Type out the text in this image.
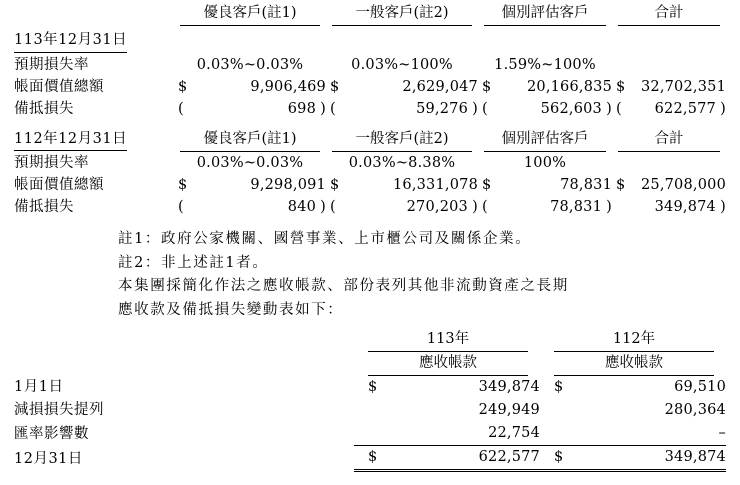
	優良客戶(註1)	一般客戶(註2)	個別評估客戶	合計

113年12月31日				
預期損失率	0.03%~0.03%	0.03%~100%	1.59%~100%	
帳面價值總額	$ 9,906,469	$ 2,629,047	$ 20,166,835	$ 32,702,351
備抵損失	( 698 )	( 59,276 )	( 562,603 )	( 622,577 )

112年12月31日	優良客戶(註1)	一般客戶(註2)	個別評估客戶	合計

預期損失率	0.03%~0.03%	0.03%~8.38%	100%	
帳面價值總額	$ 9,298,091	$ 16,331,078	$ 78,831	$ 25,708,000
備抵損失	( 840 )	( 270,203 )	( 78,831 )	349,874 )
註1：政府公家機關、國營事業、上市櫃公司及關係企業。
註2：非上述註1者。
本集團採簡化作法之應收帳款、部份表列其他非流動資產之長期
應收款及備抵損失變動表如下：

	113年	112年

	應收帳款	應收帳款

1月1日	$ 349,874	$ 69,510
減損損失提列	249,949	280,364
匯率影響數	22,754	–
12月31日	$ 622,577	$ 349,874
